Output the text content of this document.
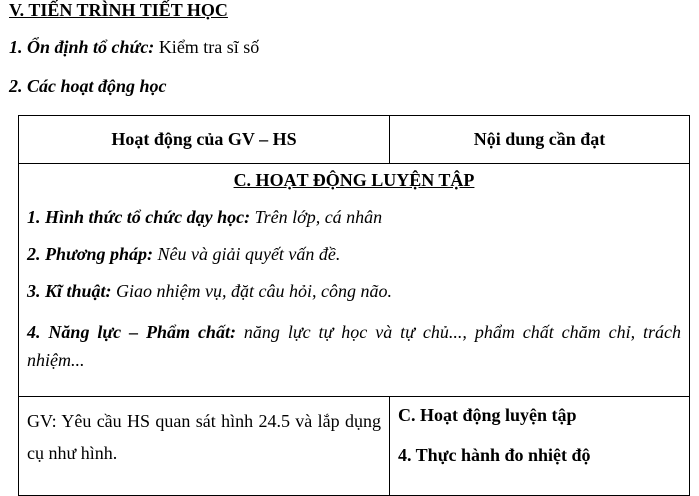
V. TIẾN TRÌNH TIẾT HỌC
1. Ổn định tổ chức: Kiểm tra sĩ số
2. Các hoạt động học
Hoạt động của GV – HS	Nội dung cần đạt

C. HOẠT ĐỘNG LUYỆN TẬP
1. Hình thức tổ chức dạy học: Trên lớp, cá nhân
2. Phương pháp: Nêu và giải quyết vấn đề.
3. Kĩ thuật: Giao nhiệm vụ, đặt câu hỏi, công não.
4. Năng lực – Phẩm chất: năng lực tự học và tự chủ..., phẩm chất chăm chỉ, trách nhiệm...	

GV: Yêu cầu HS quan sát hình 24.5 và lắp dụng cụ như hình.	C. Hoạt động luyện tập
4. Thực hành đo nhiệt độ
